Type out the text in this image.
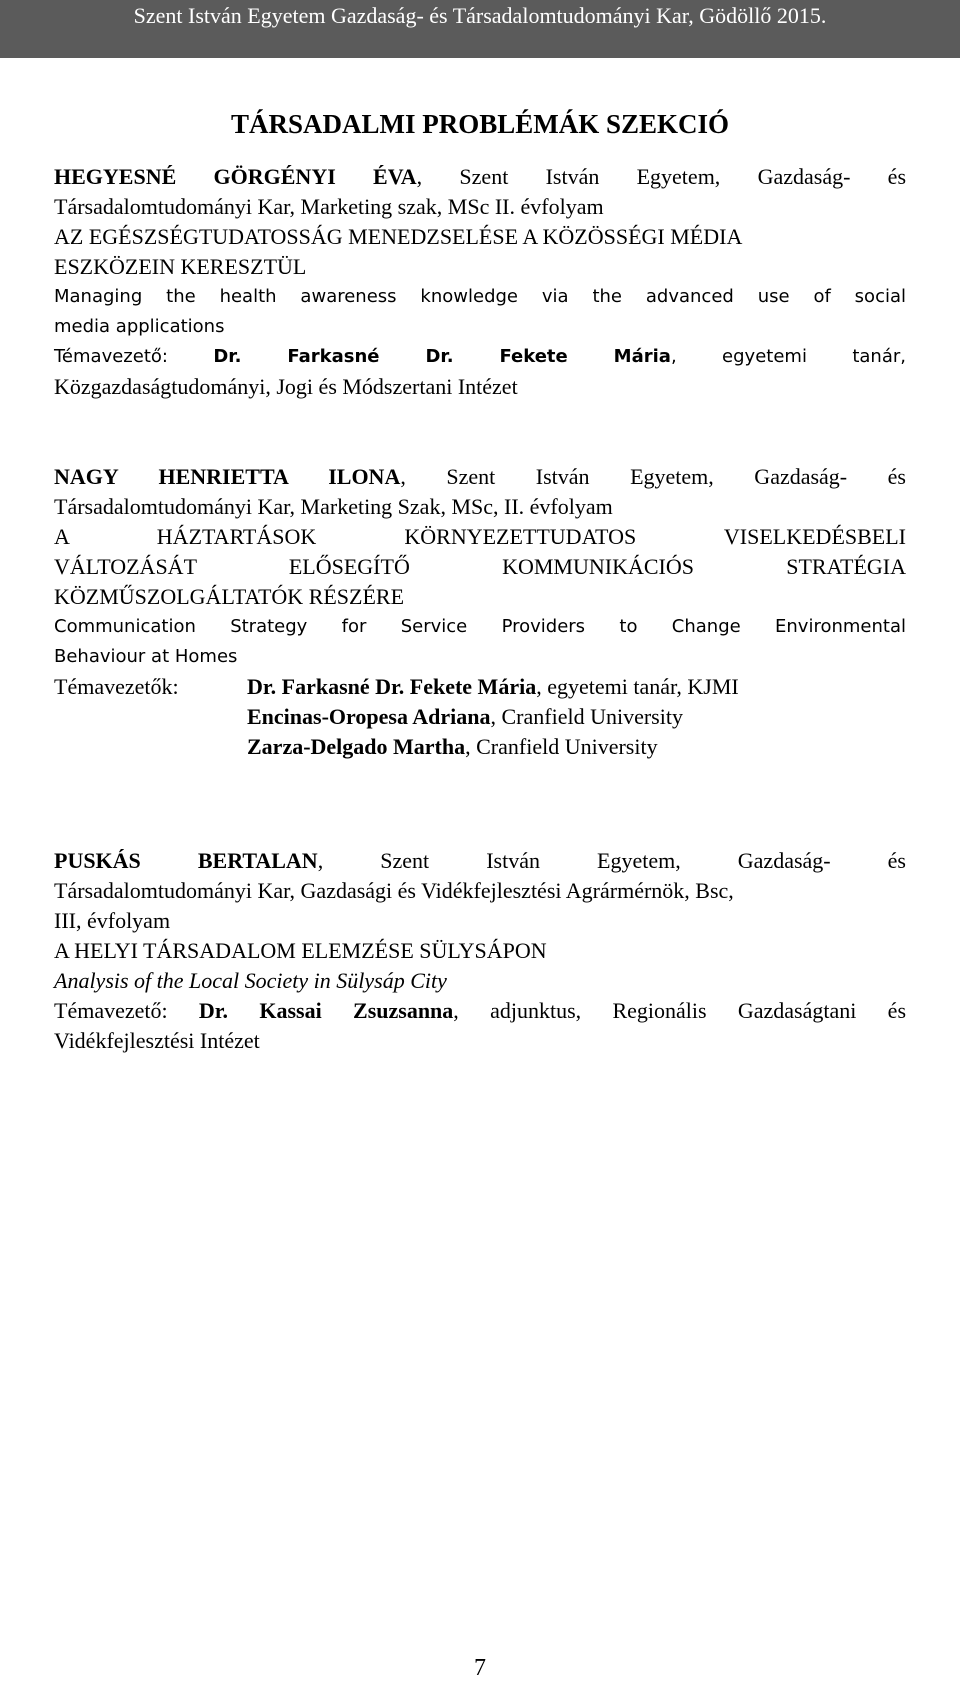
Szent István Egyetem Gazdaság- és Társadalomtudományi Kar, Gödöllő 2015.
TÁRSADALMI PROBLÉMÁK SZEKCIÓ
HEGYESNÉ GÖRGÉNYI ÉVA, Szent István Egyetem, Gazdaság- és
Társadalomtudományi Kar, Marketing szak, MSc II. évfolyam
AZ EGÉSZSÉGTUDATOSSÁG MENEDZSELÉSE A KÖZÖSSÉGI MÉDIA
ESZKÖZEIN KERESZTÜL
Managing the health awareness knowledge via the advanced use of social
media applications
Témavezető: Dr. Farkasné Dr. Fekete Mária, egyetemi tanár,
Közgazdaságtudományi, Jogi és Módszertani Intézet
NAGY HENRIETTA ILONA, Szent István Egyetem, Gazdaság- és
Társadalomtudományi Kar, Marketing Szak, MSc, II. évfolyam
A HÁZTARTÁSOK KÖRNYEZETTUDATOS VISELKEDÉSBELI
VÁLTOZÁSÁT ELŐSEGÍTŐ KOMMUNIKÁCIÓS STRATÉGIA
KÖZMŰSZOLGÁLTATÓK RÉSZÉRE
Communication Strategy for Service Providers to Change Environmental
Behaviour at Homes
Témavezetők:	Dr. Farkasné Dr. Fekete Mária, egyetemi tanár, KJMI
Encinas-Oropesa Adriana, Cranfield University
Zarza-Delgado Martha, Cranfield University
PUSKÁS BERTALAN, Szent István Egyetem, Gazdaság- és
Társadalomtudományi Kar, Gazdasági és Vidékfejlesztési Agrármérnök, Bsc,
III, évfolyam
A HELYI TÁRSADALOM ELEMZÉSE SÜLYSÁPON
Analysis of the Local Society in Sülysáp City
Témavezető: Dr. Kassai Zsuzsanna, adjunktus, Regionális Gazdaságtani és
Vidékfejlesztési Intézet
7
